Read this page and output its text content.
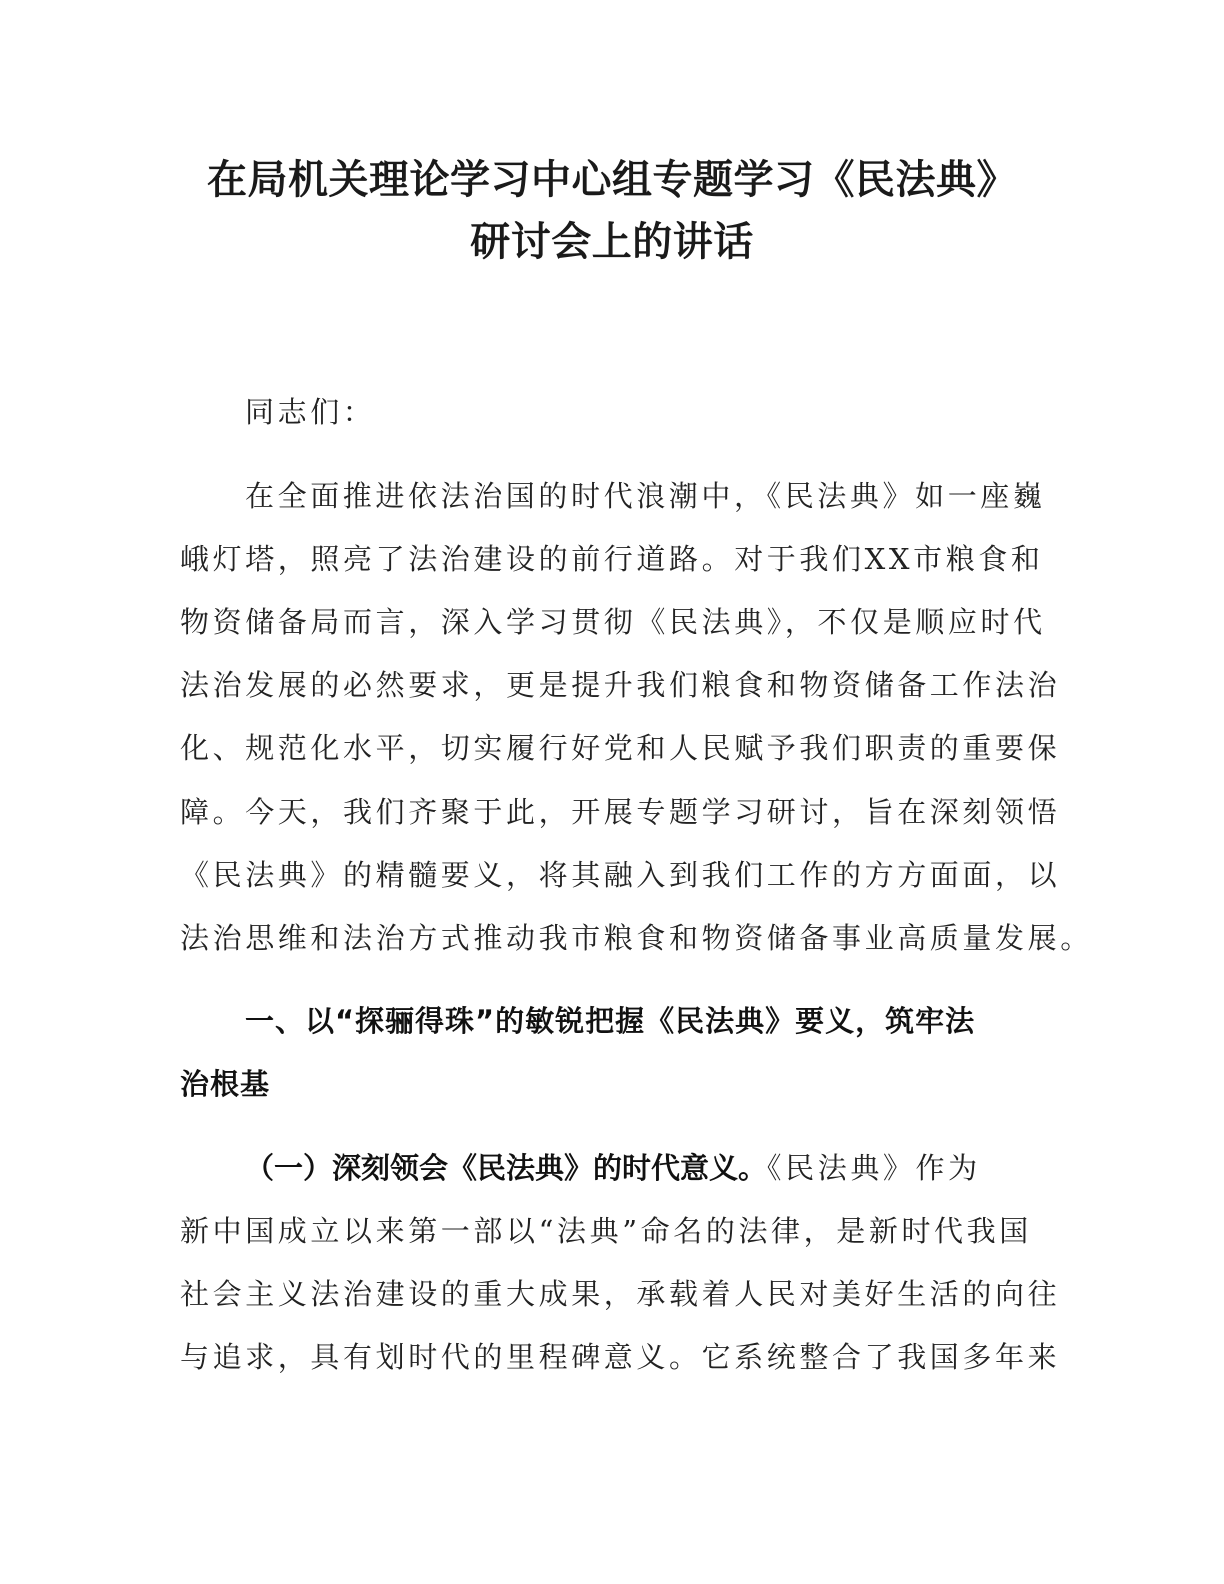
在局机关理论学习中心组专题学习《民法典》
研讨会上的讲话
同志们：
在全面推进依法治国的时代浪潮中，《民法典》如一座巍
峨灯塔，照亮了法治建设的前行道路。对于我们XX市粮食和
物资储备局而言，深入学习贯彻《民法典》，不仅是顺应时代
法治发展的必然要求，更是提升我们粮食和物资储备工作法治
化、规范化水平，切实履行好党和人民赋予我们职责的重要保
障。今天，我们齐聚于此，开展专题学习研讨，旨在深刻领悟
《民法典》的精髓要义，将其融入到我们工作的方方面面，以
法治思维和法治方式推动我市粮食和物资储备事业高质量发展。
一、以“探骊得珠”的敏锐把握《民法典》要义，筑牢法
治根基
（一）深刻领会《民法典》的时代意义。《民法典》作为
新中国成立以来第一部以“法典”命名的法律，是新时代我国
社会主义法治建设的重大成果，承载着人民对美好生活的向往
与追求，具有划时代的里程碑意义。它系统整合了我国多年来
